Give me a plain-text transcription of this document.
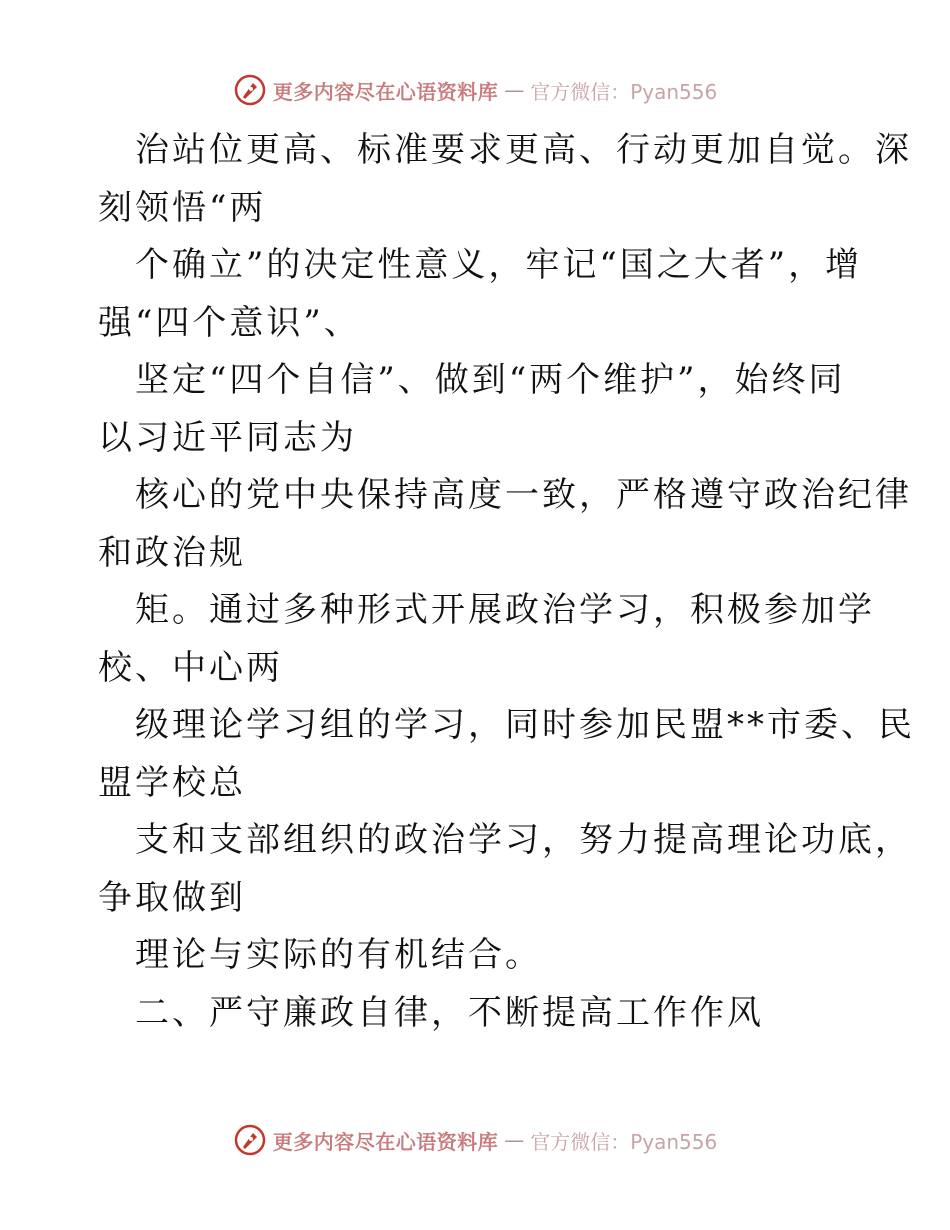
更多内容尽在心语资料库 — 官方微信：Pyan556
治站位更高、标准要求更高、行动更加自觉。深
刻领悟“两
个确立”的决定性意义，牢记“国之大者”，增
强“四个意识”、
坚定“四个自信”、做到“两个维护”，始终同
以习近平同志为
核心的党中央保持高度一致，严格遵守政治纪律
和政治规
矩。通过多种形式开展政治学习，积极参加学
校、中心两
级理论学习组的学习，同时参加民盟**市委、民
盟学校总
支和支部组织的政治学习，努力提高理论功底，
争取做到
理论与实际的有机结合。
二、严守廉政自律，不断提高工作作风
更多内容尽在心语资料库 — 官方微信：Pyan556
